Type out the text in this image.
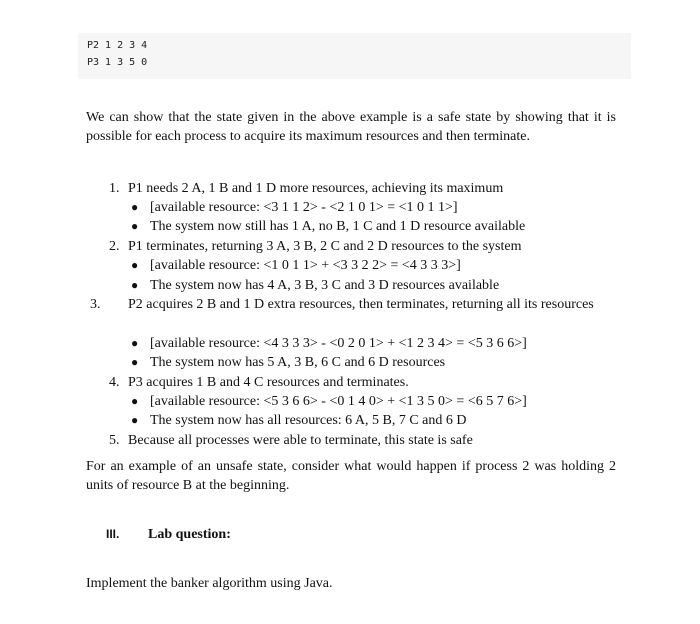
P2 1 2 3 4
P3 1 3 5 0

We can show that the state given in the above example is a safe state by showing that it is possible for each process to acquire its maximum resources and then terminate.

1. P1 needs 2 A, 1 B and 1 D more resources, achieving its maximum
● [available resource: <3 1 1 2> - <2 1 0 1> = <1 0 1 1>]
● The system now still has 1 A, no B, 1 C and 1 D resource available
2. P1 terminates, returning 3 A, 3 B, 2 C and 2 D resources to the system
● [available resource: <1 0 1 1> + <3 3 2 2> = <4 3 3 3>]
● The system now has 4 A, 3 B, 3 C and 3 D resources available
3. P2 acquires 2 B and 1 D extra resources, then terminates, returning all its resources
● [available resource: <4 3 3 3> - <0 2 0 1> + <1 2 3 4> = <5 3 6 6>]
● The system now has 5 A, 3 B, 6 C and 6 D resources
4. P3 acquires 1 B and 4 C resources and terminates.
● [available resource: <5 3 6 6> - <0 1 4 0> + <1 3 5 0> = <6 5 7 6>]
● The system now has all resources: 6 A, 5 B, 7 C and 6 D
5. Because all processes were able to terminate, this state is safe

For an example of an unsafe state, consider what would happen if process 2 was holding 2 units of resource B at the beginning.

III. Lab question:
Implement the banker algorithm using Java.
